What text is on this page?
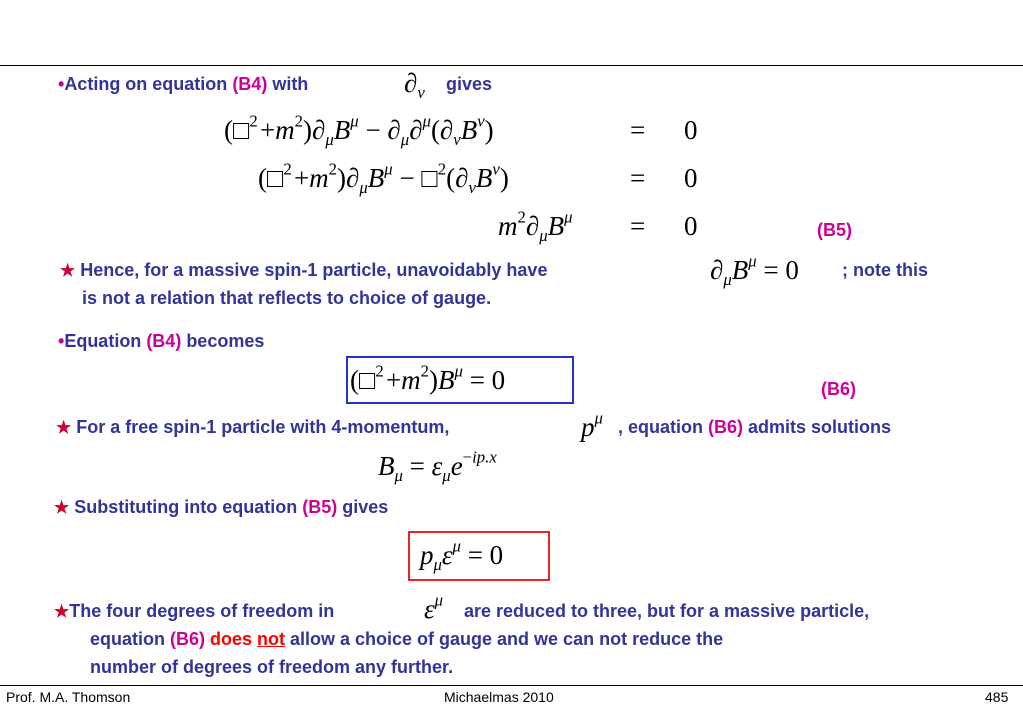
•Acting on equation (B4) with	$\partial_\nu$ gives
(□$^2$ $+m^2)\partial_\mu B^\mu - \partial_\mu\partial^\mu(\partial_\nu B^\nu)$	= 0
(□$^2$ $+m^2)\partial_\mu B^\mu$ − $□^2(\partial_\nu B^\nu)$	= 0
$m^2\partial_\mu B^\mu = 0$	(B5)
★ Hence, for a massive spin-1 particle, unavoidably have	$\partial_\mu B^\mu = 0$ ; note this
is not a relation that reflects to choice of gauge.
•Equation (B4) becomes
(□$^2$ $+m^2)B^\mu = 0$	(B6)
★ For a free spin-1 particle with 4-momentum,	$p^\mu$ , equation (B6) admits solutions
$B_\mu = \varepsilon_\mu e^{-ip.x}$
★ Substituting into equation (B5) gives
$p_\mu\varepsilon^\mu = 0$
★The four degrees of freedom in	$\varepsilon^\mu$
are reduced to three, but for a massive particle,
equation (B6) does not allow a choice of gauge and we can not reduce the
number of degrees of freedom any further.
Prof. M.A. Thomson	Michaelmas 2010	485
